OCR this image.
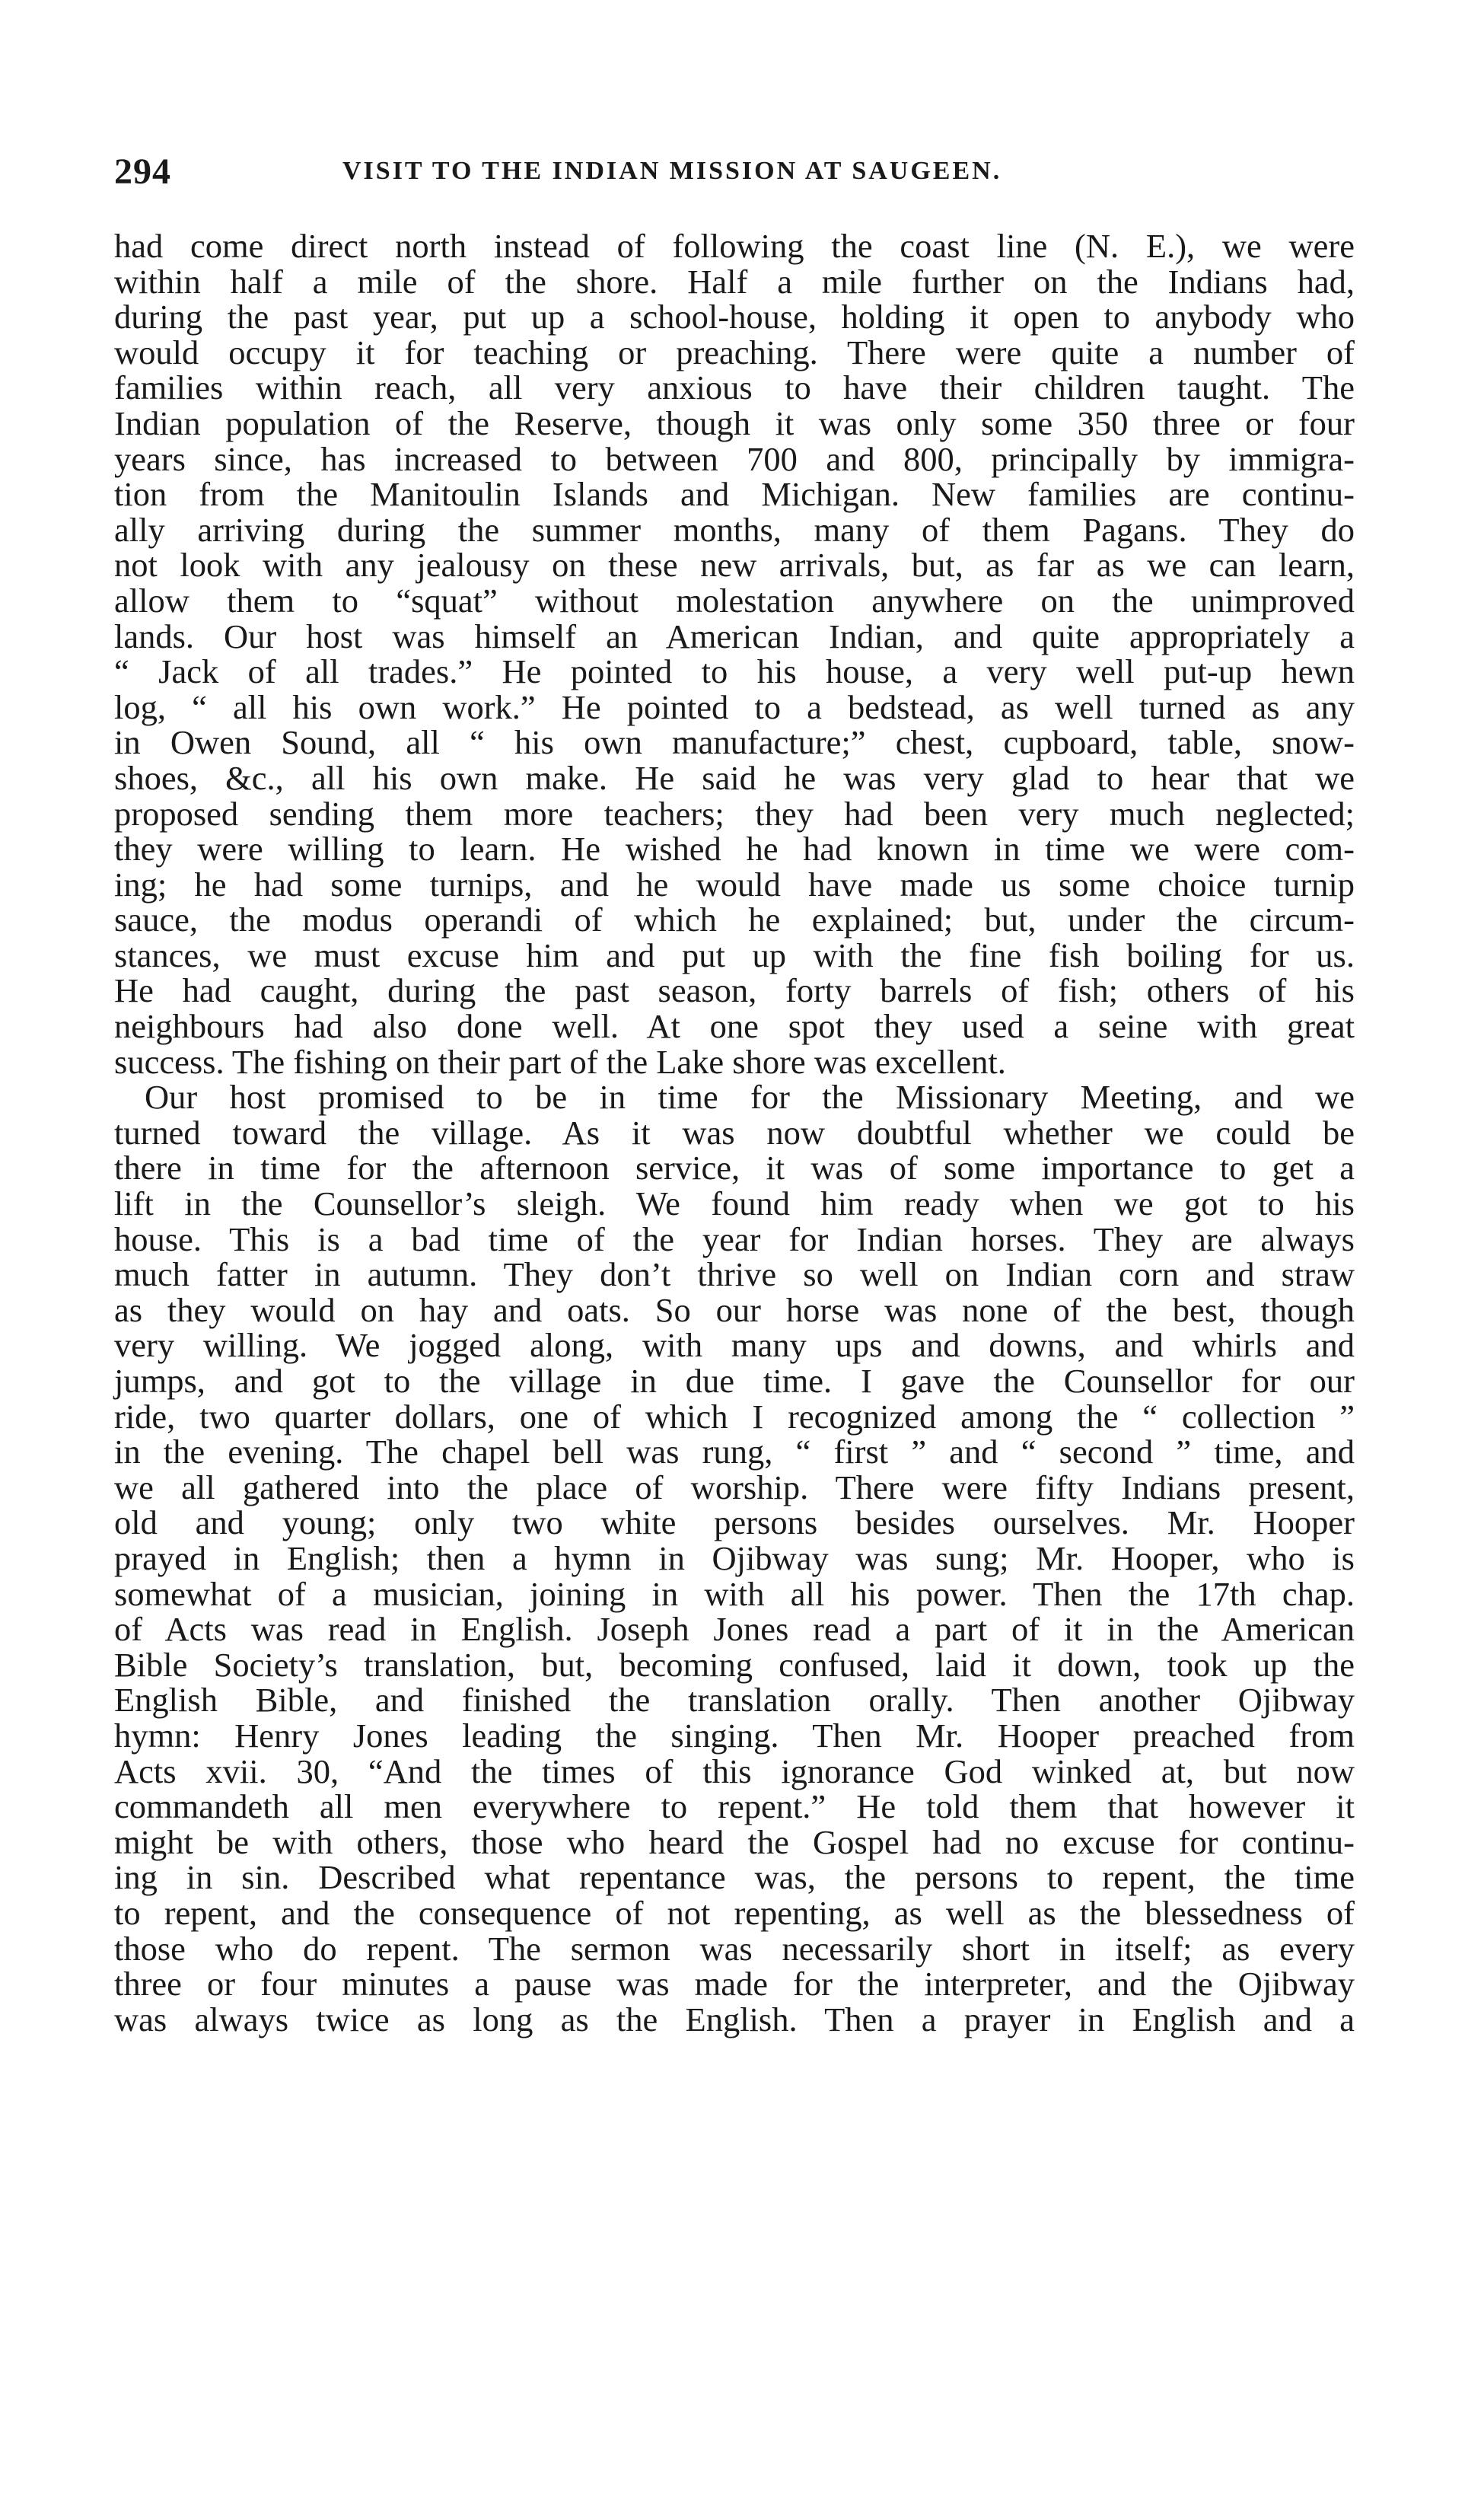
294	VISIT TO THE INDIAN MISSION AT SAUGEEN.
had come direct north instead of following the coast line (N. E.), we were
within half a mile of the shore. Half a mile further on the Indians had,
during the past year, put up a school-house, holding it open to anybody who
would occupy it for teaching or preaching. There were quite a number of
families within reach, all very anxious to have their children taught. The
Indian population of the Reserve, though it was only some 350 three or four
years since, has increased to between 700 and 800, principally by immigra-
tion from the Manitoulin Islands and Michigan. New families are continu-
ally arriving during the summer months, many of them Pagans. They do
not look with any jealousy on these new arrivals, but, as far as we can learn,
allow them to “squat” without molestation anywhere on the unimproved
lands. Our host was himself an American Indian, and quite appropriately a
“ Jack of all trades.” He pointed to his house, a very well put-up hewn
log, “ all his own work.” He pointed to a bedstead, as well turned as any
in Owen Sound, all “ his own manufacture;” chest, cupboard, table, snow-
shoes, &c., all his own make. He said he was very glad to hear that we
proposed sending them more teachers; they had been very much neglected;
they were willing to learn. He wished he had known in time we were com-
ing; he had some turnips, and he would have made us some choice turnip
sauce, the modus operandi of which he explained; but, under the circum-
stances, we must excuse him and put up with the fine fish boiling for us.
He had caught, during the past season, forty barrels of fish; others of his
neighbours had also done well. At one spot they used a seine with great
success. The fishing on their part of the Lake shore was excellent.
Our host promised to be in time for the Missionary Meeting, and we
turned toward the village. As it was now doubtful whether we could be
there in time for the afternoon service, it was of some importance to get a
lift in the Counsellor’s sleigh. We found him ready when we got to his
house. This is a bad time of the year for Indian horses. They are always
much fatter in autumn. They don’t thrive so well on Indian corn and straw
as they would on hay and oats. So our horse was none of the best, though
very willing. We jogged along, with many ups and downs, and whirls and
jumps, and got to the village in due time. I gave the Counsellor for our
ride, two quarter dollars, one of which I recognized among the “ collection ”
in the evening. The chapel bell was rung, “ first ” and “ second ” time, and
we all gathered into the place of worship. There were fifty Indians present,
old and young; only two white persons besides ourselves. Mr. Hooper
prayed in English; then a hymn in Ojibway was sung; Mr. Hooper, who is
somewhat of a musician, joining in with all his power. Then the 17th chap.
of Acts was read in English. Joseph Jones read a part of it in the American
Bible Society’s translation, but, becoming confused, laid it down, took up the
English Bible, and finished the translation orally. Then another Ojibway
hymn: Henry Jones leading the singing. Then Mr. Hooper preached from
Acts xvii. 30, “And the times of this ignorance God winked at, but now
commandeth all men everywhere to repent.” He told them that however it
might be with others, those who heard the Gospel had no excuse for continu-
ing in sin. Described what repentance was, the persons to repent, the time
to repent, and the consequence of not repenting, as well as the blessedness of
those who do repent. The sermon was necessarily short in itself; as every
three or four minutes a pause was made for the interpreter, and the Ojibway
was always twice as long as the English. Then a prayer in English and a
